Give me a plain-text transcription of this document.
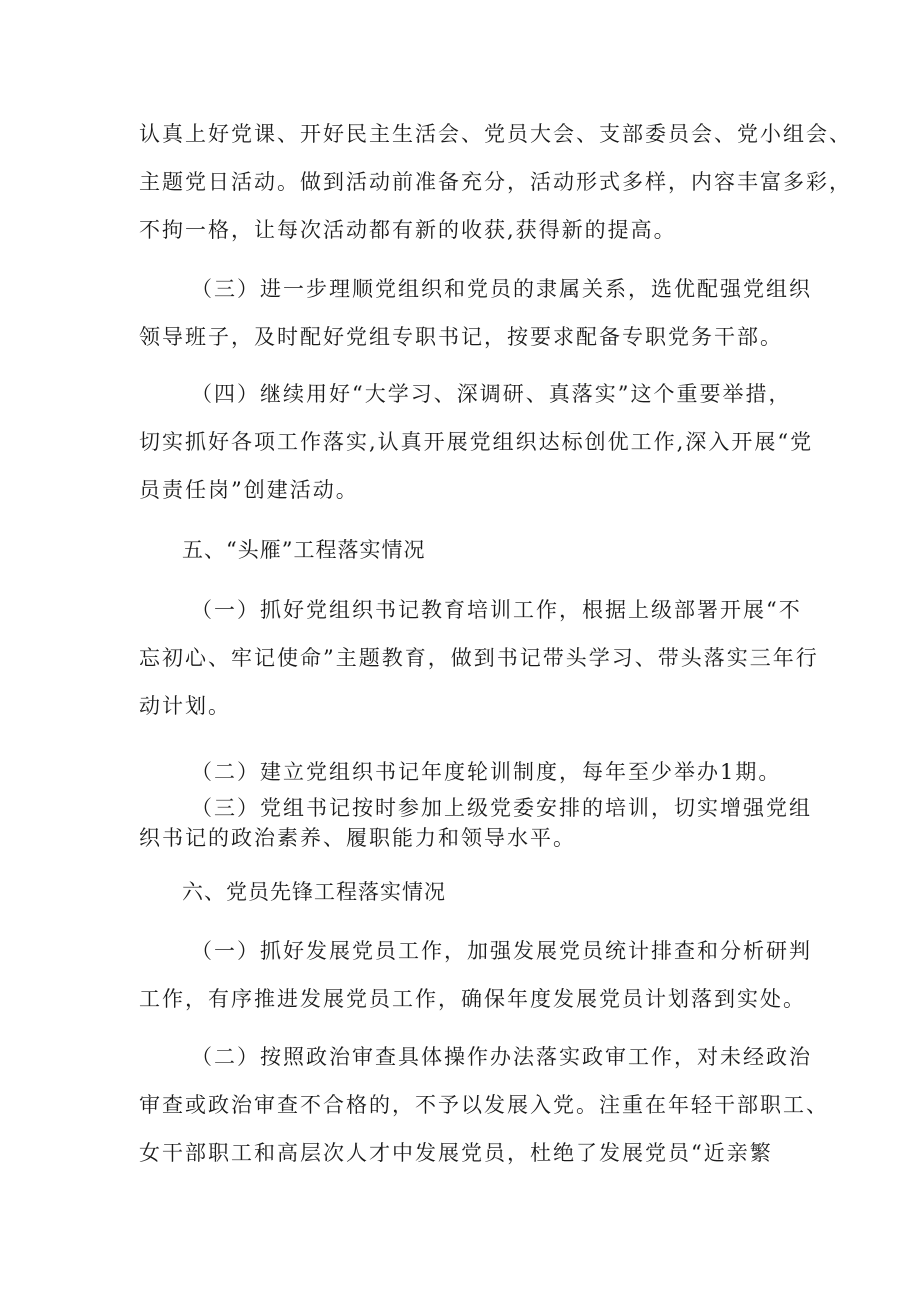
认真上好党课、开好民主生活会、党员大会、支部委员会、党小组会、
主题党日活动。做到活动前准备充分，活动形式多样，内容丰富多彩，
不拘一格，让每次活动都有新的收获,获得新的提高。
（三）进一步理顺党组织和党员的隶属关系，选优配强党组织
领导班子，及时配好党组专职书记，按要求配备专职党务干部。
（四）继续用好“大学习、深调研、真落实”这个重要举措，
切实抓好各项工作落实,认真开展党组织达标创优工作,深入开展“党
员责任岗”创建活动。
五、“头雁”工程落实情况
（一）抓好党组织书记教育培训工作，根据上级部署开展“不
忘初心、牢记使命”主题教育，做到书记带头学习、带头落实三年行
动计划。
（二）建立党组织书记年度轮训制度，每年至少举办1期。
（三）党组书记按时参加上级党委安排的培训，切实增强党组
织书记的政治素养、履职能力和领导水平。
六、党员先锋工程落实情况
（一）抓好发展党员工作，加强发展党员统计排查和分析研判
工作，有序推进发展党员工作，确保年度发展党员计划落到实处。
（二）按照政治审查具体操作办法落实政审工作，对未经政治
审查或政治审查不合格的，不予以发展入党。注重在年轻干部职工、
女干部职工和高层次人才中发展党员，杜绝了发展党员“近亲繁
